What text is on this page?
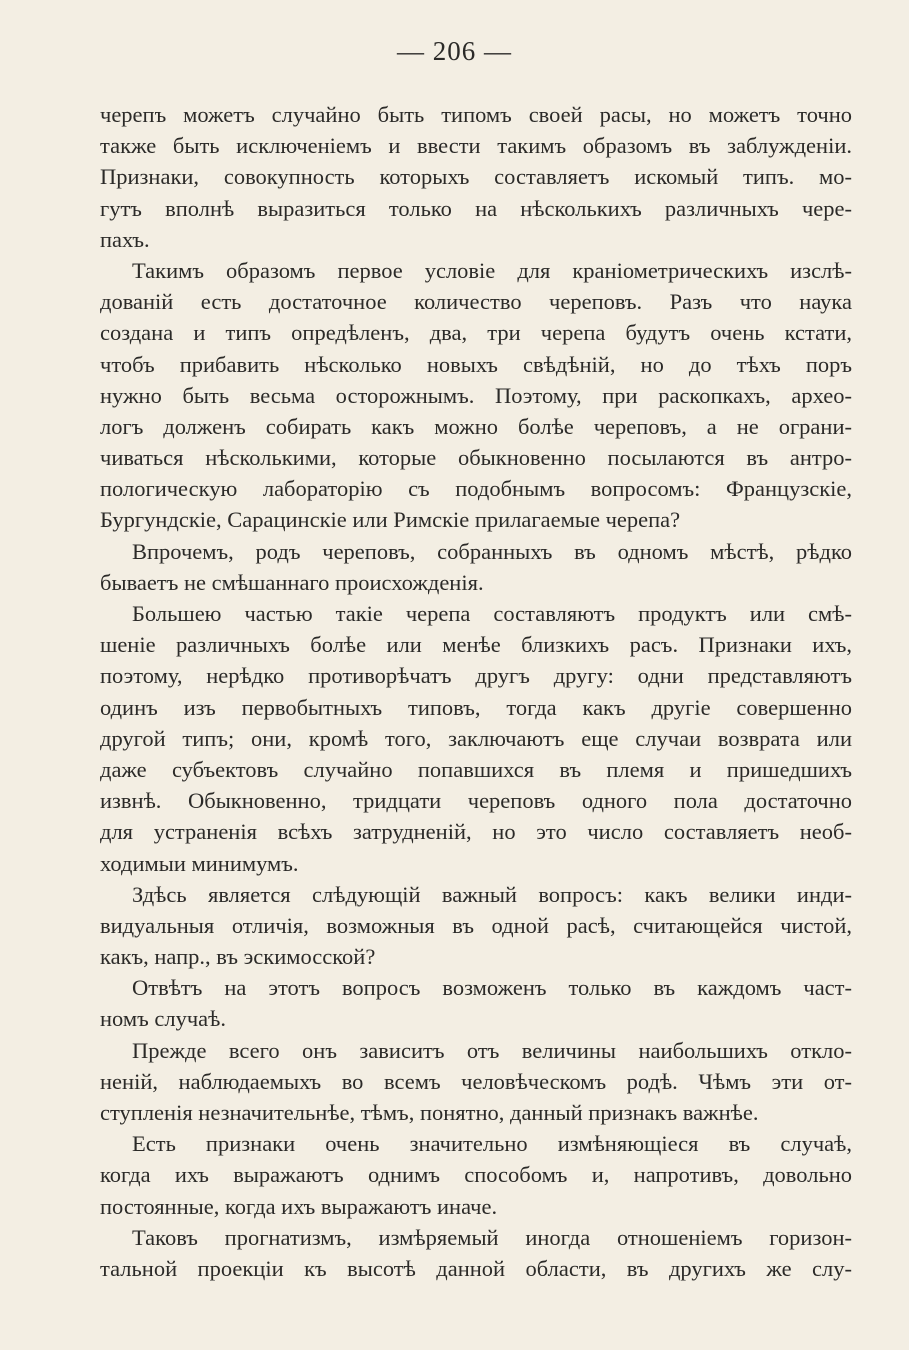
— 206 —
черепъ можетъ случайно быть типомъ своей расы, но можетъ точно
также быть исключенiемъ и ввести такимъ образомъ въ заблужденiи.
Признаки, совокупность которыхъ составляетъ искомый типъ. мо-
гутъ вполнѣ выразиться только на нѣсколькихъ различныхъ чере-
пахъ.
Такимъ образомъ первое условiе для краніометрическихъ изслѣ-
дованiй есть достаточное количество череповъ. Разъ что наука
создана и типъ опредѣленъ, два, три черепа будутъ очень кстати,
чтобъ прибавить нѣсколько новыхъ свѣдѣнiй, но до тѣхъ поръ
нужно быть весьма осторожнымъ. Поэтому, при раскопкахъ, археo-
логъ долженъ собирать какъ можно болѣе череповъ, а не ограни-
чиваться нѣсколькими, которые обыкновенно посылаются въ антро-
пологическую лабораторiю съ подобнымъ вопросомъ: Французскiе,
Бургундскiе, Сарацинскiе или Римскiе прилагаемые черепа?
Впрочемъ, родъ череповъ, собранныхъ въ одномъ мѣстѣ, рѣдко
бываетъ не смѣшаннаго происхожденiя.
Большею частью такiе черепа составляютъ продуктъ или смѣ-
шенiе различныхъ болѣе или менѣе близкихъ расъ. Признаки ихъ,
поэтому, нерѣдко противорѣчатъ другъ другу: одни представляютъ
одинъ изъ первобытныхъ типовъ, тогда какъ другiе совершенно
другой типъ; они, кромѣ того, заключаютъ еще случаи возврата или
даже субъектовъ случайно попавшихся въ племя и пришедшихъ
извнѣ. Обыкновенно, тридцати череповъ одного пола достаточно
для устраненiя всѣхъ затрудненiй, но это число составляетъ необ-
ходимыи минимумъ.
Здѣсь является слѣдующiй важный вопросъ: какъ велики инди-
видуальныя отличiя, возможныя въ одной расѣ, считающейся чистой,
какъ, напр., въ эскимосской?
Отвѣтъ на этотъ вопросъ возможенъ только въ каждомъ част-
номъ случаѣ.
Прежде всего онъ зависитъ отъ величины наибольшихъ откло-
ненiй, наблюдаемыхъ во всемъ человѣческомъ родѣ. Чѣмъ эти от-
ступленiя незначительнѣе, тѣмъ, понятно, данный признакъ важнѣе.
Есть признаки очень значительно измѣняющiеся въ случаѣ,
когда ихъ выражаютъ однимъ способомъ и, напротивъ, довольно
постоянные, когда ихъ выражаютъ иначе.
Таковъ прогнатизмъ, измѣряемый иногда отношенiемъ горизон-
тальной проекцiи къ высотѣ данной области, въ другихъ же слу-
